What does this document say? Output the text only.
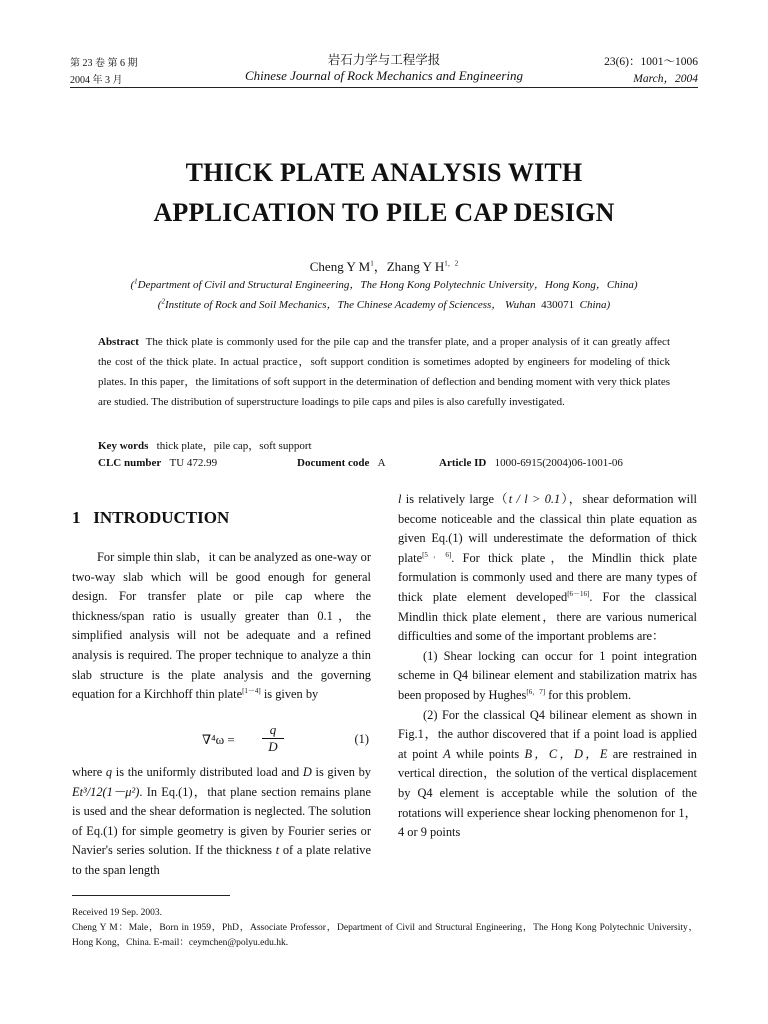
第 23 卷 第 6 期
2004 年 3 月
岩石力学与工程学报
Chinese Journal of Rock Mechanics and Engineering
23(6)：1001～1006
March，2004
THICK PLATE ANALYSIS WITH
APPLICATION TO PILE CAP DESIGN
Cheng Y $M^1$，Zhang Y $H^{1,2}$
($^1$Department of Civil and Structural Engineering，The Hong Kong Polytechnic University，Hong Kong，China)
($^2$Institute of Rock and Soil Mechanics，The Chinese Academy of Sciencess， Wuhan 430071 China)
Abstract The thick plate is commonly used for the pile cap and the transfer plate, and a proper analysis of it can greatly affect the cost of the thick plate. In actual practice，soft support condition is sometimes adopted by engineers for modeling of thick plates. In this paper，the limitations of soft support in the determination of deflection and bending moment with very thick plates are studied. The distribution of superstructure loadings to pile caps and piles is also carefully investigated.
Key words thick plate，pile cap，soft support
CLC number TU 472.99	Document code A	Article ID 1000-6915(2004)06-1001-06
1 INTRODUCTION

For simple thin slab，it can be analyzed as one-way or two-way slab which will be good enough for general design. For transfer plate or pile cap where the thickness/span ratio is usually greater than 0.1，the simplified analysis will not be adequate and a refined analysis is required. The proper technique to analyze a thin slab structure is the plate analysis and the governing equation for a Kirchhoff thin plate[1－4] is given by

∇⁴ω =
q
D	(1)

where q is the uniformly distributed load and D is given by Et³/12(1－μ²). In Eq.(1)，that plane section remains plane is used and the shear deformation is neglected. The solution of Eq.(1) for simple geometry is given by Fourier series or Navier's series solution. If the thickness t of a plate relative to the span length

l is relatively large（t / l > 0.1），shear deformation will become noticeable and the classical thin plate equation as given Eq.(1) will underestimate the deformation of thick plate[5，6]. For thick plate，the Mindlin thick plate formulation is commonly used and there are many types of thick plate element developed[6－16]. For the classical Mindlin thick plate element，there are various numerical difficulties and some of the important problems are：

(1) Shear locking can occur for 1 point integration scheme in Q4 bilinear element and stabilization matrix has been proposed by Hughes[6，7] for this problem.

(2) For the classical Q4 bilinear element as shown in Fig.1，the author discovered that if a point load is applied at point A while points B，C，D，E are restrained in vertical direction，the solution of the vertical displacement by Q4 element is acceptable while the solution of the rotations will experience shear locking phenomenon for 1，4 or 9 points

Received 19 Sep. 2003.
Cheng Y M：Male，Born in 1959，PhD，Associate Professor，Department of Civil and Structural Engineering，The Hong Kong Polytechnic University，Hong Kong，China. E-mail：ceymchen@polyu.edu.hk.
